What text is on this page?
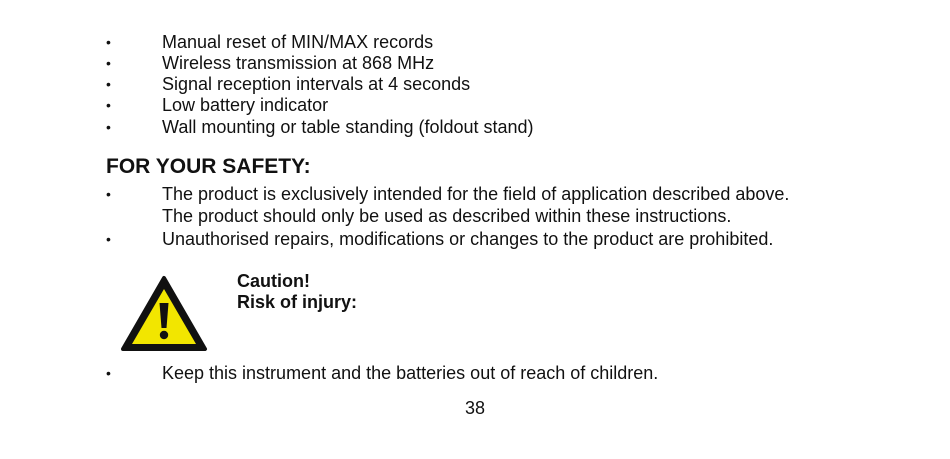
•	Manual reset of MIN/MAX records
•	Wireless transmission at 868 MHz
•	Signal reception intervals at 4 seconds
•	Low battery indicator
•	Wall mounting or table standing (foldout stand)
FOR YOUR SAFETY:
•	The product is exclusively intended for the field of application described above.
The product should only be used as described within these instructions.
•	Unauthorised repairs, modifications or changes to the product are prohibited.
Caution!
Risk of injury:
•	Keep this instrument and the batteries out of reach of children.
38
